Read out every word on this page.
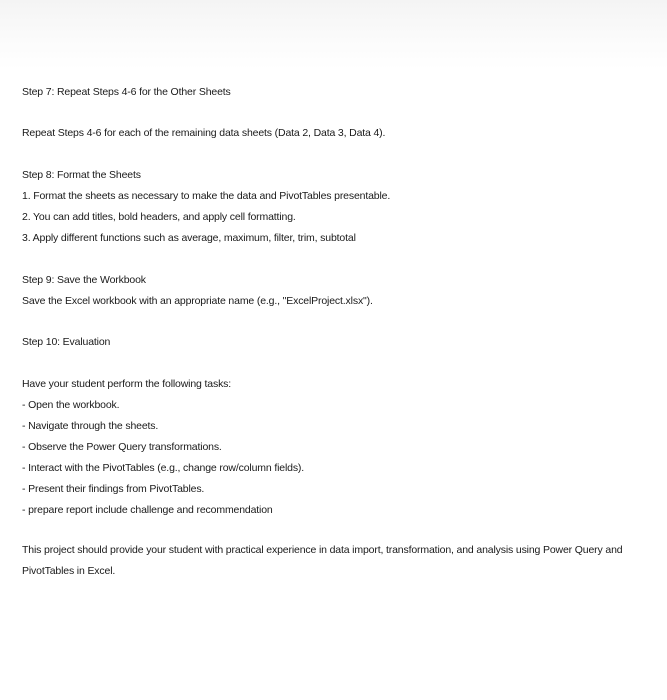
Step 7: Repeat Steps 4-6 for the Other Sheets
Repeat Steps 4-6 for each of the remaining data sheets (Data 2, Data 3, Data 4).
Step 8: Format the Sheets
1. Format the sheets as necessary to make the data and PivotTables presentable.
2. You can add titles, bold headers, and apply cell formatting.
3. Apply different functions such as average, maximum, filter, trim, subtotal
Step 9: Save the Workbook
Save the Excel workbook with an appropriate name (e.g., "ExcelProject.xlsx").
Step 10: Evaluation
Have your student perform the following tasks:
- Open the workbook.
- Navigate through the sheets.
- Observe the Power Query transformations.
- Interact with the PivotTables (e.g., change row/column fields).
- Present their findings from PivotTables.
- prepare report include challenge and recommendation
This project should provide your student with practical experience in data import, transformation, and analysis using Power Query and PivotTables in Excel.
